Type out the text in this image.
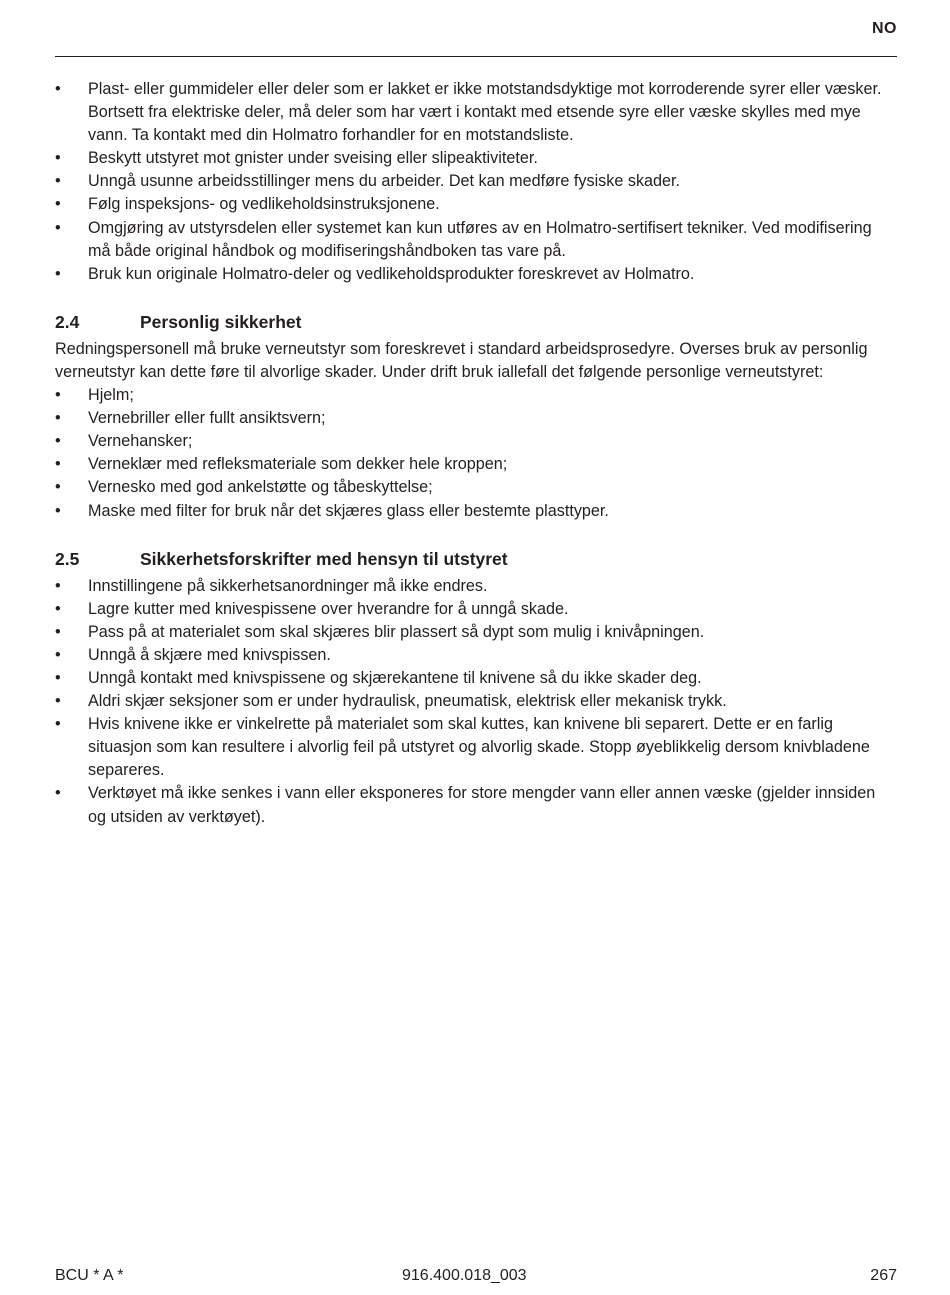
NO
• Plast- eller gummideler eller deler som er lakket er ikke motstandsdyktige mot korroderende syrer eller væsker. Bortsett fra elektriske deler, må deler som har vært i kontakt med etsende syre eller væske skylles med mye vann. Ta kontakt med din Holmatro forhandler for en motstandsliste.
• Beskytt utstyret mot gnister under sveising eller slipeaktiviteter.
• Unngå usunne arbeidsstillinger mens du arbeider. Det kan medføre fysiske skader.
• Følg inspeksjons- og vedlikeholdsinstruksjonene.
• Omgjøring av utstyrsdelen eller systemet kan kun utføres av en Holmatro-sertifisert tekniker. Ved modifisering må både original håndbok og modifiseringshåndboken tas vare på.
• Bruk kun originale Holmatro-deler og vedlikeholdsprodukter foreskrevet av Holmatro.
2.4	Personlig sikkerhet

Redningspersonell må bruke verneutstyr som foreskrevet i standard arbeidsprosedyre. Overses bruk av personlig verneutstyr kan dette føre til alvorlige skader. Under drift bruk iallefall det følgende personlige verneutstyret:

• Hjelm;
• Vernebriller eller fullt ansiktsvern;
• Vernehansker;
• Verneklær med refleksmateriale som dekker hele kroppen;
• Vernesko med god ankelstøtte og tåbeskyttelse;
• Maske med filter for bruk når det skjæres glass eller bestemte plasttyper.
2.5	Sikkerhetsforskrifter med hensyn til utstyret
• Innstillingene på sikkerhetsanordninger må ikke endres.
• Lagre kutter med knivespissene over hverandre for å unngå skade.
• Pass på at materialet som skal skjæres blir plassert så dypt som mulig i knivåpningen.
• Unngå å skjære med knivspissen.
• Unngå kontakt med knivspissene og skjærekantene til knivene så du ikke skader deg.
• Aldri skjær seksjoner som er under hydraulisk, pneumatisk, elektrisk eller mekanisk trykk.
• Hvis knivene ikke er vinkelrette på materialet som skal kuttes, kan knivene bli separert. Dette er en farlig situasjon som kan resultere i alvorlig feil på utstyret og alvorlig skade. Stopp øyeblikkelig dersom knivbladene separeres.
• Verktøyet må ikke senkes i vann eller eksponeres for store mengder vann eller annen væske (gjelder innsiden og utsiden av verktøyet).
BCU * A *	916.400.018_003	267
